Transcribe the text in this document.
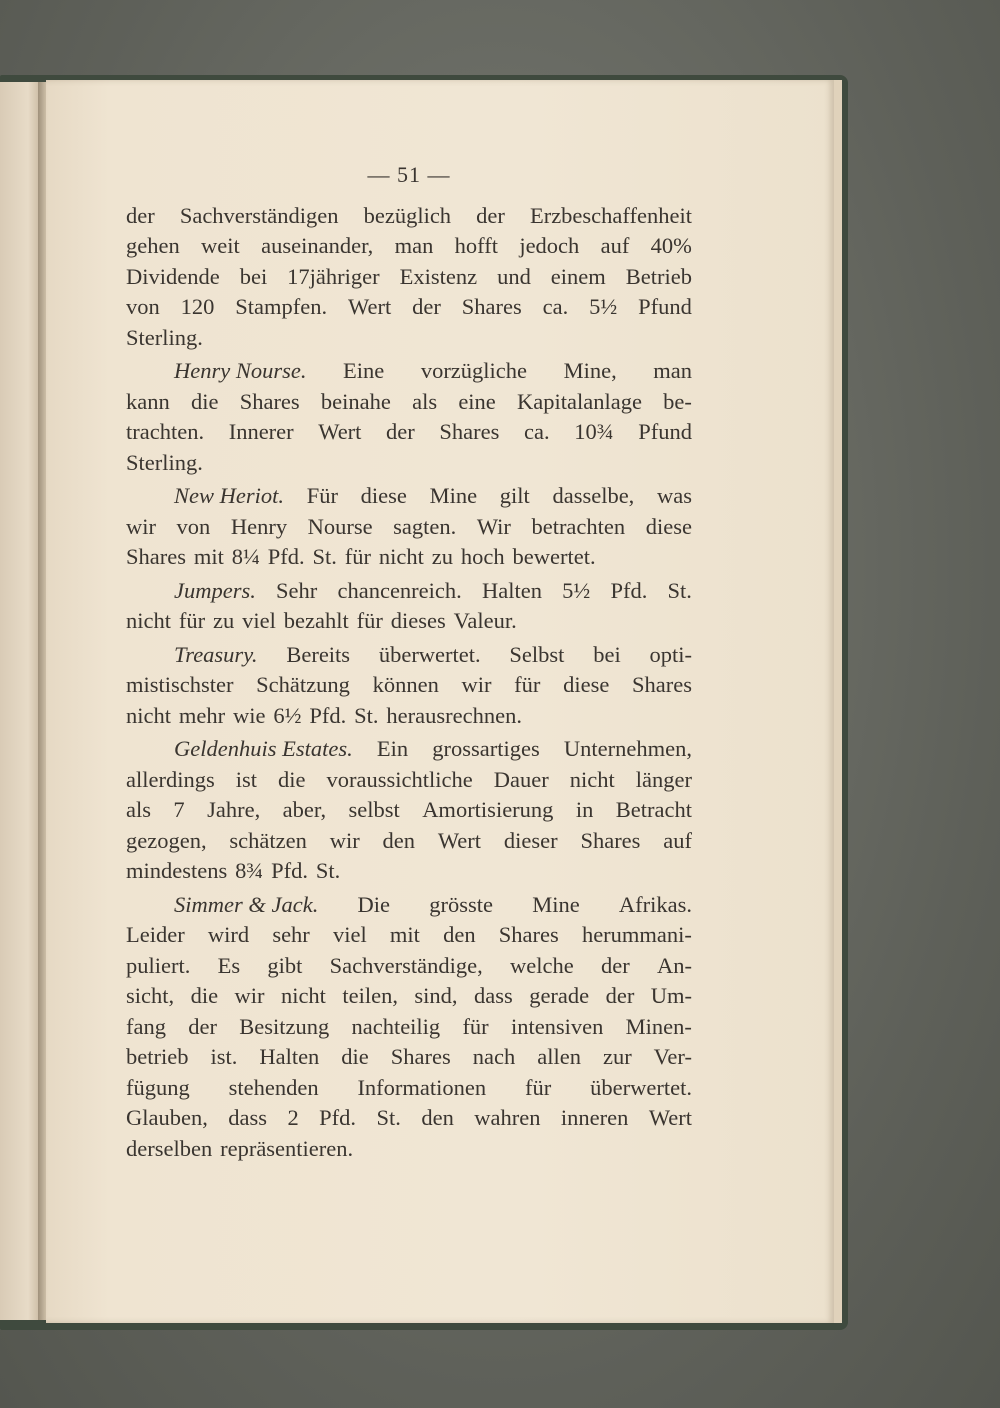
— 51 —
der Sachverständigen bezüglich der Erzbeschaffenheit
gehen weit auseinander, man hofft jedoch auf 40%
Dividende bei 17jähriger Existenz und einem Betrieb
von 120 Stampfen. Wert der Shares ca. 5½ Pfund
Sterling.
Henry Nourse. Eine vorzügliche Mine, man
kann die Shares beinahe als eine Kapitalanlage be-
trachten. Innerer Wert der Shares ca. 10¾ Pfund
Sterling.
New Heriot. Für diese Mine gilt dasselbe, was
wir von Henry Nourse sagten. Wir betrachten diese
Shares mit 8¼ Pfd. St. für nicht zu hoch bewertet.
Jumpers. Sehr chancenreich. Halten 5½ Pfd. St.
nicht für zu viel bezahlt für dieses Valeur.
Treasury. Bereits überwertet. Selbst bei opti-
mistischster Schätzung können wir für diese Shares
nicht mehr wie 6½ Pfd. St. herausrechnen.
Geldenhuis Estates. Ein grossartiges Unternehmen,
allerdings ist die voraussichtliche Dauer nicht länger
als 7 Jahre, aber, selbst Amortisierung in Betracht
gezogen, schätzen wir den Wert dieser Shares auf
mindestens 8¾ Pfd. St.
Simmer & Jack. Die grösste Mine Afrikas.
Leider wird sehr viel mit den Shares herummani-
puliert. Es gibt Sachverständige, welche der An-
sicht, die wir nicht teilen, sind, dass gerade der Um-
fang der Besitzung nachteilig für intensiven Minen-
betrieb ist. Halten die Shares nach allen zur Ver-
fügung stehenden Informationen für überwertet.
Glauben, dass 2 Pfd. St. den wahren inneren Wert
derselben repräsentieren.
